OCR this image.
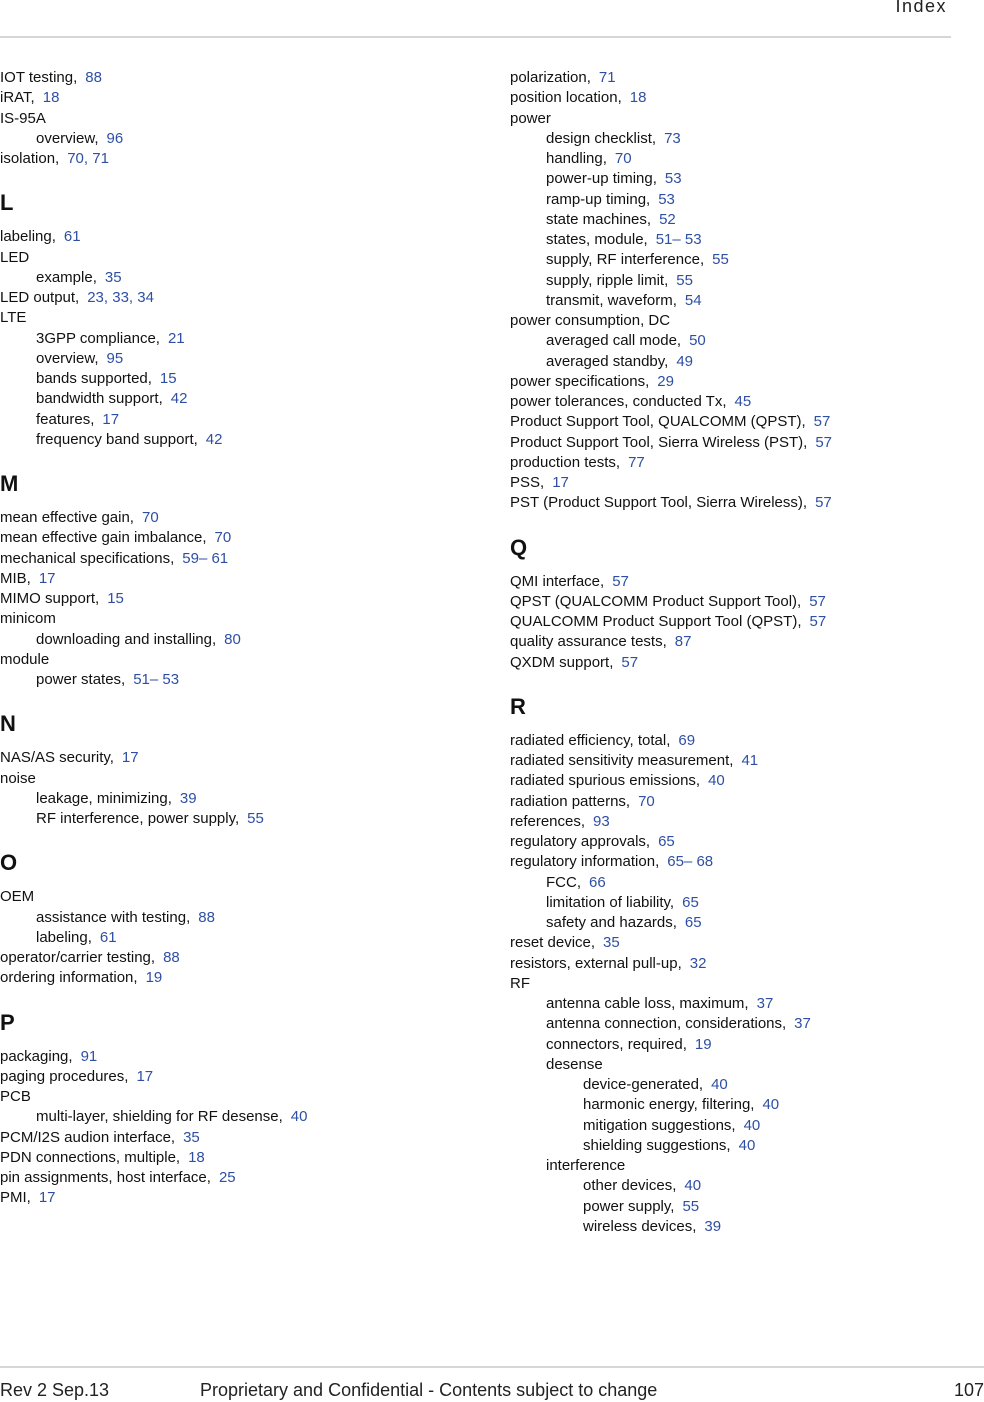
Index
IOT testing, 88
iRAT, 18
IS-95A
overview, 96
isolation, 70, 71
L
labeling, 61
LED
example, 35
LED output, 23, 33, 34
LTE
3GPP compliance, 21
overview, 95
bands supported, 15
bandwidth support, 42
features, 17
frequency band support, 42
M
mean effective gain, 70
mean effective gain imbalance, 70
mechanical specifications, 59– 61
MIB, 17
MIMO support, 15
minicom
downloading and installing, 80
module
power states, 51– 53
N
NAS/AS security, 17
noise
leakage, minimizing, 39
RF interference, power supply, 55
O
OEM
assistance with testing, 88
labeling, 61
operator/carrier testing, 88
ordering information, 19
P
packaging, 91
paging procedures, 17
PCB
multi-layer, shielding for RF desense, 40
PCM/I2S audion interface, 35
PDN connections, multiple, 18
pin assignments, host interface, 25
PMI, 17
polarization, 71
position location, 18
power
design checklist, 73
handling, 70
power-up timing, 53
ramp-up timing, 53
state machines, 52
states, module, 51– 53
supply, RF interference, 55
supply, ripple limit, 55
transmit, waveform, 54
power consumption, DC
averaged call mode, 50
averaged standby, 49
power specifications, 29
power tolerances, conducted Tx, 45
Product Support Tool, QUALCOMM (QPST), 57
Product Support Tool, Sierra Wireless (PST), 57
production tests, 77
PSS, 17
PST (Product Support Tool, Sierra Wireless), 57
Q
QMI interface, 57
QPST (QUALCOMM Product Support Tool), 57
QUALCOMM Product Support Tool (QPST), 57
quality assurance tests, 87
QXDM support, 57
R
radiated efficiency, total, 69
radiated sensitivity measurement, 41
radiated spurious emissions, 40
radiation patterns, 70
references, 93
regulatory approvals, 65
regulatory information, 65– 68
FCC, 66
limitation of liability, 65
safety and hazards, 65
reset device, 35
resistors, external pull-up, 32
RF
antenna cable loss, maximum, 37
antenna connection, considerations, 37
connectors, required, 19
desense
device-generated, 40
harmonic energy, filtering, 40
mitigation suggestions, 40
shielding suggestions, 40
interference
other devices, 40
power supply, 55
wireless devices, 39
Rev 2 Sep.13	Proprietary and Confidential - Contents subject to change	107
